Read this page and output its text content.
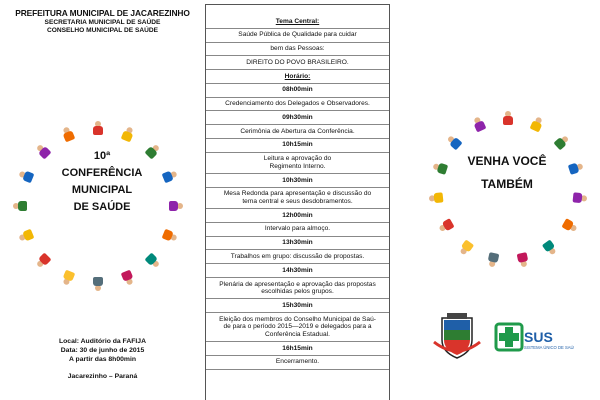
PREFEITURA MUNICIPAL DE JACAREZINHO
SECRETARIA MUNICIPAL DE SAÚDE
CONSELHO MUNICIPAL DE SAÚDE
10ª
CONFERÊNCIA
MUNICIPAL
DE SAÚDE
Local: Auditório da FAFIJA
Data: 30 de junho de 2015
A partir das 8h00min
Jacarezinho – Paraná
Tema Central:
Saúde Pública de Qualidade para cuidar
bem das Pessoas:
DIREITO DO POVO BRASILEIRO.
Horário:
08h00min
Credenciamento dos Delegados e Observadores.
09h30min
Cerimônia de Abertura da Conferência.
10h15min
Leitura e aprovação do
Regimento Interno.
10h30min
Mesa Redonda para apresentação e discussão do
tema central e seus desdobramentos.
12h00min
Intervalo para almoço.
13h30min
Trabalhos em grupo: discussão de propostas.
14h30min
Plenária de apresentação e aprovação das propostas
escolhidas pelos grupos.
15h30min
Eleição dos membros do Conselho Municipal de Saú-
de para o período 2015—2019 e delegados para a
Conferência Estadual.
16h15min
Encerramento.
VENHA VOCÊ
TAMBÉM
SUS
SISTEMA ÚNICO DE SAÚDE
